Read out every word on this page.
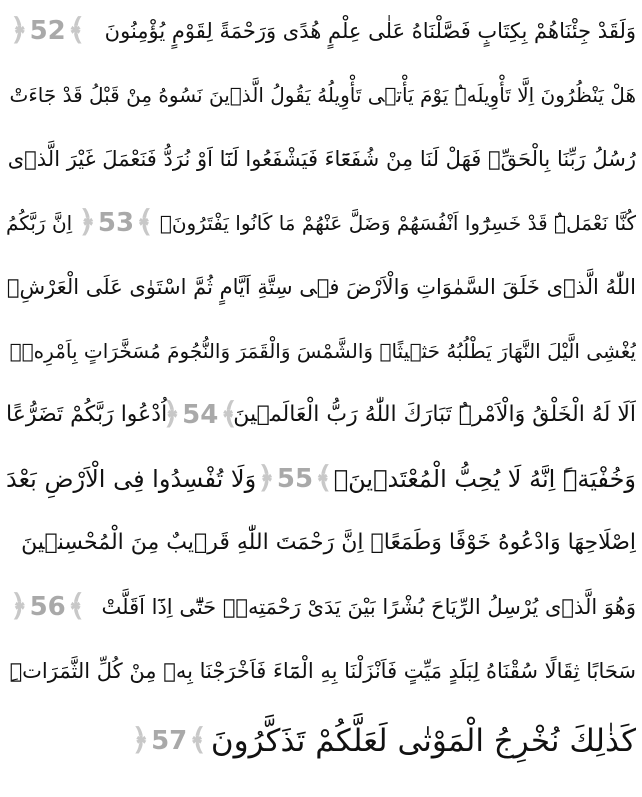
وَلَقَدْ جِئْنَاهُمْ بِكِتَابٍ فَصَّلْنَاهُ عَلٰى عِلْمٍ هُدًى وَرَحْمَةً لِقَوْمٍ يُؤْمِنُونَ
﴿ 52 ﴾
هَلْ يَنْظُرُونَ اِلَّا تَأْوِيلَهُۜ يَوْمَ يَأْتٖى تَأْوِيلُهُ يَقُولُ الَّذٖينَ نَسُوهُ مِنْ قَبْلُ قَدْ جَٓاءَتْ
رُسُلُ رَبِّنَا بِالْحَقِّۚ فَهَلْ لَنَا مِنْ شُفَعَٓاءَ فَيَشْفَعُوا لَنَٓا اَوْ نُرَدُّ فَنَعْمَلَ غَيْرَ الَّذٖى
كُنَّا نَعْمَلُۜ قَدْ خَسِرُٓوا اَنْفُسَهُمْ وَضَلَّ عَنْهُمْ مَا كَانُوا يَفْتَرُونَ۟
﴿ 53 ﴾
اِنَّ رَبَّكُمُ
اللّٰهُ الَّذٖى خَلَقَ السَّمٰوَاتِ وَالْاَرْضَ فٖى سِتَّةِ اَيَّامٍ ثُمَّ اسْتَوٰى عَلَى الْعَرْشِۚ
يُغْشِى الَّيْلَ النَّهَارَ يَطْلُبُهُ حَثٖيثًاۙ وَالشَّمْسَ وَالْقَمَرَ وَالنُّجُومَ مُسَخَّرَاتٍ بِاَمْرِهٖۜ
اَلَا لَهُ الْخَلْقُ وَالْاَمْرُۜ تَبَارَكَ اللّٰهُ رَبُّ الْعَالَمٖينَ
﴿ 54 ﴾
اُدْعُوا رَبَّكُمْ تَضَرُّعًا
وَخُفْيَةًۜ اِنَّهُ لَا يُحِبُّ الْمُعْتَدٖينَۚ
﴿ 55 ﴾
وَلَا تُفْسِدُوا فِى الْاَرْضِ بَعْدَ
اِصْلَاحِهَا وَادْعُوهُ خَوْفًا وَطَمَعًاۜ اِنَّ رَحْمَتَ اللّٰهِ قَرٖيبٌ مِنَ الْمُحْسِنٖينَ
وَهُوَ الَّذٖى يُرْسِلُ الرِّيَاحَ بُشْرًا بَيْنَ يَدَىْ رَحْمَتِهٖۜ حَتّٰٓى اِذَٓا اَقَلَّتْ
﴿ 56 ﴾
سَحَابًا ثِقَالًا سُقْنَاهُ لِبَلَدٍ مَيِّتٍ فَاَنْزَلْنَا بِهِ الْمَٓاءَ فَاَخْرَجْنَا بِهٖ مِنْ كُلِّ الثَّمَرَاتِۜ
كَذٰلِكَ نُخْرِجُ الْمَوْتٰى لَعَلَّكُمْ تَذَكَّرُونَ
﴿ 57 ﴾
